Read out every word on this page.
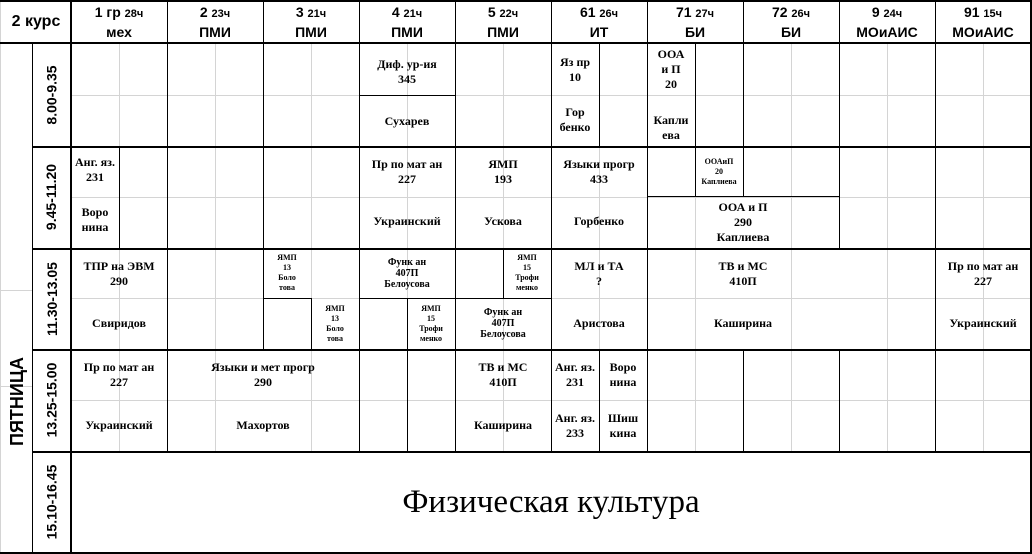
Диф. ур-ия
345
Сухарев
Яз пр
10
Гор
бенко
ООА
и П
20
Капли
ева
Анг. яз.
231
Воро
нина
Пр по мат ан
227
Украинский
ЯМП
193
Ускова
Языки прогр
433
Горбенко
ООАиП
20
Каплиева
ООА и П
290
Каплиева
ТПР на ЭВМ
290
Свиридов
ЯМП
13
Боло
това
ЯМП
13
Боло
това
Функ ан
407П
Белоусова
ЯМП
15
Трофи
менко
ЯМП
15
Трофи
менко
Функ ан
407П
Белоусова
МЛ и ТА
?
Аристова
ТВ и МС
410П
Каширина
Пр по мат ан
227
Украинский
Пр по мат ан
227
Украинский
Языки и мет прогр
290
Махортов
ТВ и МС
410П
Каширина
Анг. яз.
231
Воро
нина
Анг. яз.
233
Шиш
кина
2 курс
1 гр 28ч
мех
2 23ч
ПМИ
3 21ч
ПМИ
4 21ч
ПМИ
5 22ч
ПМИ
61 26ч
ИТ
71 27ч
БИ
72 26ч
БИ
9 24ч
МОиАИС
91 15ч
МОиАИС
ПЯТНИЦА
8.00-9.35
9.45-11.20
11.30-13.05
13.25-15.00
15.10-16.45	Физическая культура
